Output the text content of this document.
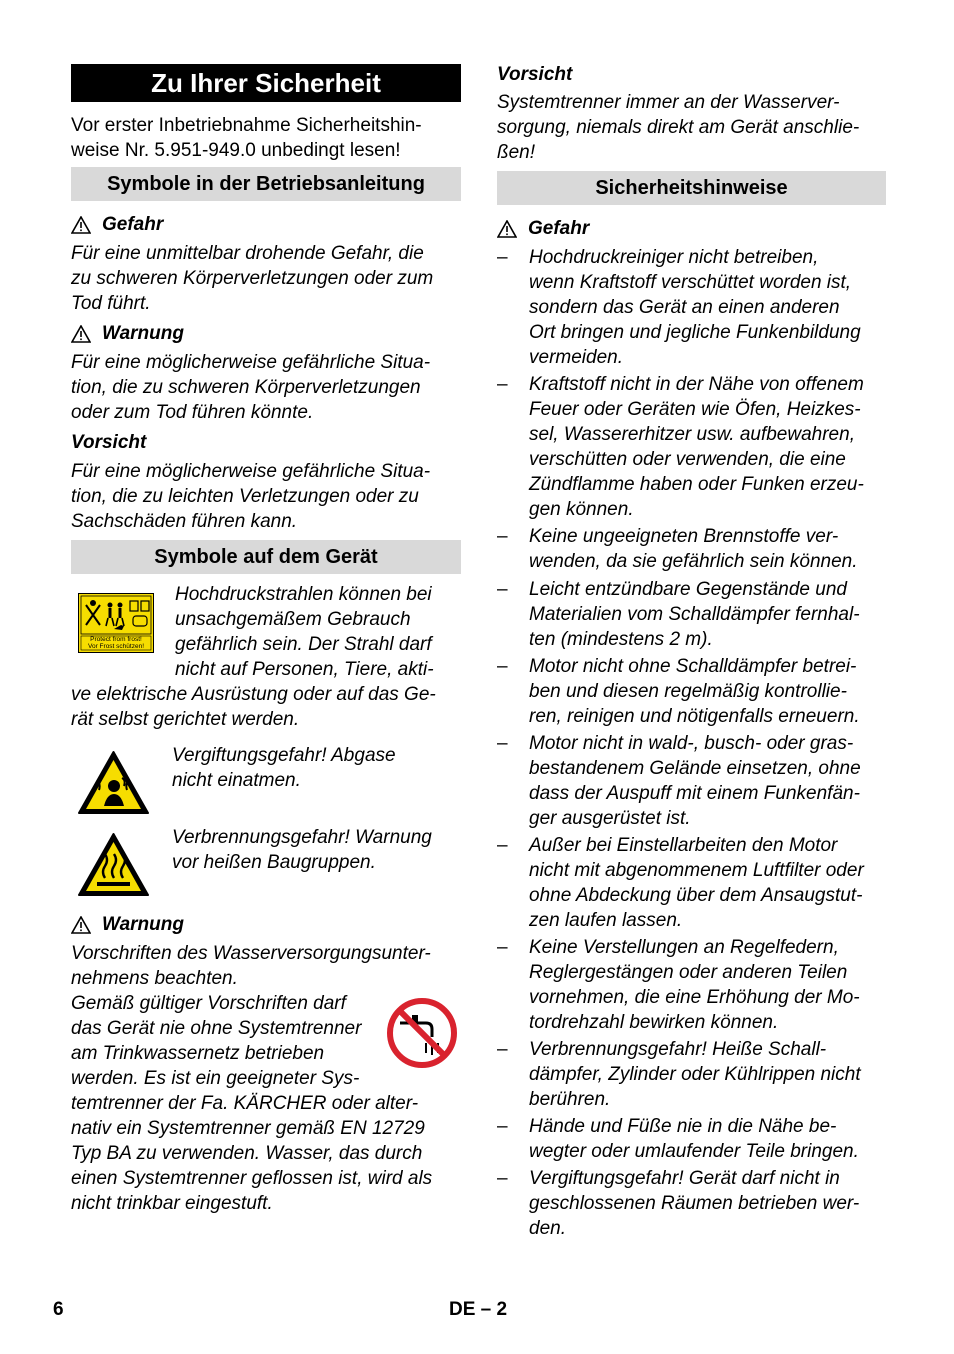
Zu Ihrer Sicherheit
Vor erster Inbetriebnahme Sicherheitshin-
weise Nr. 5.951-949.0 unbedingt lesen!
Symbole in der Betriebsanleitung
Gefahr
Für eine unmittelbar drohende Gefahr, die
zu schweren Körperverletzungen oder zum
Tod führt.
Warnung
Für eine möglicherweise gefährliche Situa-
tion, die zu schweren Körperverletzungen
oder zum Tod führen könnte.
Vorsicht
Für eine möglicherweise gefährliche Situa-
tion, die zu leichten Verletzungen oder zu
Sachschäden führen kann.
Symbole auf dem Gerät
Protect from frost!
Vor Frost schützen!
Hochdruckstrahlen können bei
unsachgemäßem Gebrauch
gefährlich sein. Der Strahl darf
nicht auf Personen, Tiere, akti-
ve elektrische Ausrüstung oder auf das Ge-
rät selbst gerichtet werden.
Vergiftungsgefahr! Abgase
nicht einatmen.
Verbrennungsgefahr! Warnung
vor heißen Baugruppen.
Warnung
Vorschriften des Wasserversorgungsunter-
nehmens beachten.
Gemäß gültiger Vorschriften darf
das Gerät nie ohne Systemtrenner
am Trinkwassernetz betrieben
werden. Es ist ein geeigneter Sys-
temtrenner der Fa. KÄRCHER oder alter-
nativ ein Systemtrenner gemäß EN 12729
Typ BA zu verwenden. Wasser, das durch
einen Systemtrenner geflossen ist, wird als
nicht trinkbar eingestuft.
Vorsicht
Systemtrenner immer an der Wasserver-
sorgung, niemals direkt am Gerät anschlie-
ßen!
Sicherheitshinweise
Gefahr
– Hochdruckreiniger nicht betreiben,
wenn Kraftstoff verschüttet worden ist,
sondern das Gerät an einen anderen
Ort bringen und jegliche Funkenbildung
vermeiden.
– Kraftstoff nicht in der Nähe von offenem
Feuer oder Geräten wie Öfen, Heizkes-
sel, Wassererhitzer usw. aufbewahren,
verschütten oder verwenden, die eine
Zündflamme haben oder Funken erzeu-
gen können.
– Keine ungeeigneten Brennstoffe ver-
wenden, da sie gefährlich sein können.
– Leicht entzündbare Gegenstände und
Materialien vom Schalldämpfer fernhal-
ten (mindestens 2 m).
– Motor nicht ohne Schalldämpfer betrei-
ben und diesen regelmäßig kontrollie-
ren, reinigen und nötigenfalls erneuern.
– Motor nicht in wald-, busch- oder gras-
bestandenem Gelände einsetzen, ohne
dass der Auspuff mit einem Funkenfän-
ger ausgerüstet ist.
– Außer bei Einstellarbeiten den Motor
nicht mit abgenommenem Luftfilter oder
ohne Abdeckung über dem Ansaugstut-
zen laufen lassen.
– Keine Verstellungen an Regelfedern,
Reglergestängen oder anderen Teilen
vornehmen, die eine Erhöhung der Mo-
tordrehzahl bewirken können.
– Verbrennungsgefahr! Heiße Schall-
dämpfer, Zylinder oder Kühlrippen nicht
berühren.
– Hände und Füße nie in die Nähe be-
wegter oder umlaufender Teile bringen.
– Vergiftungsgefahr! Gerät darf nicht in
geschlossenen Räumen betrieben wer-
den.
6	DE – 2
